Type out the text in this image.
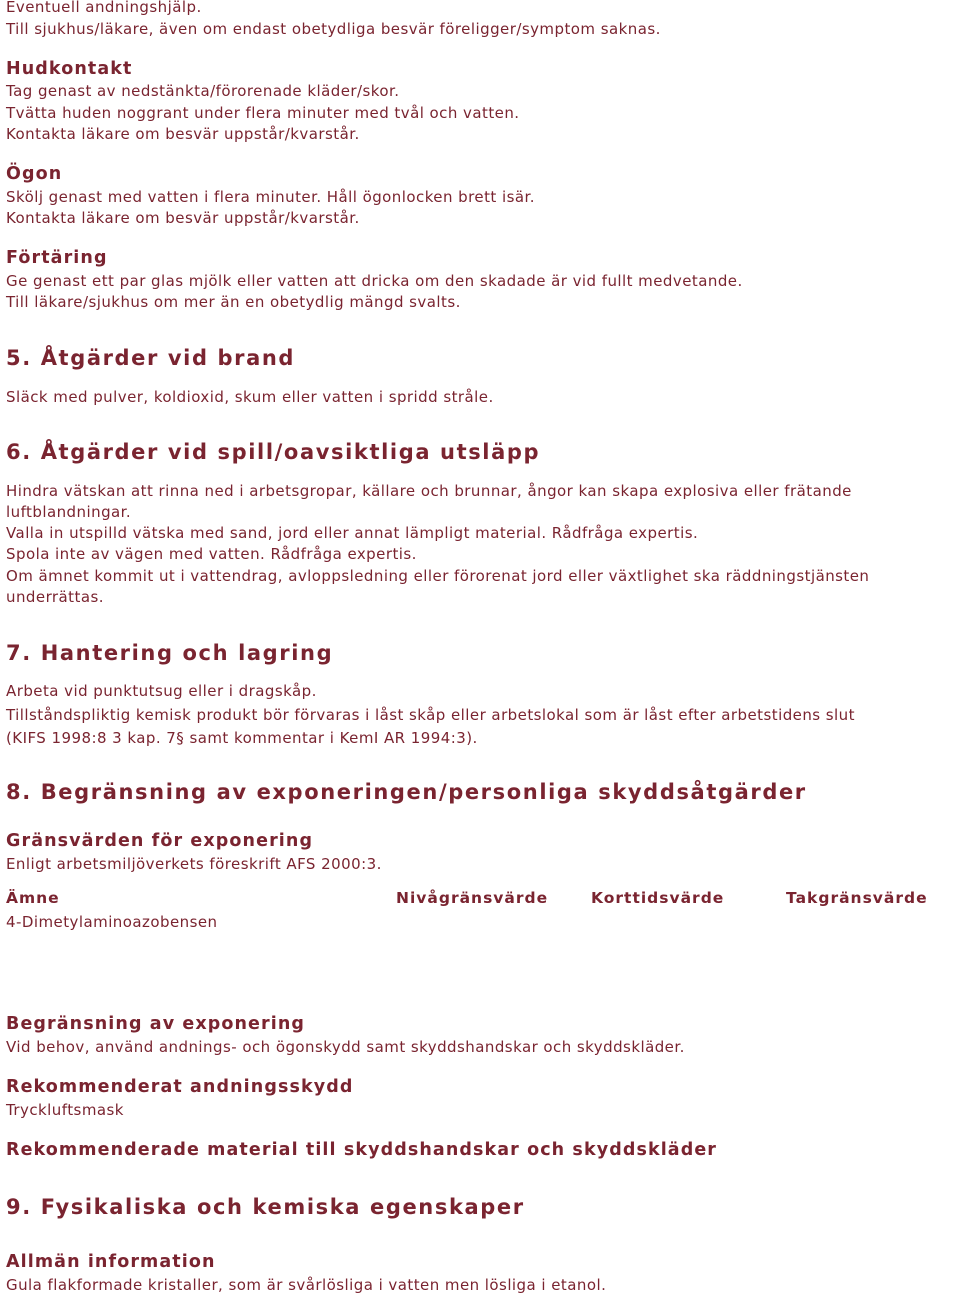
Eventuell andningshjälp.

Till sjukhus/läkare, även om endast obetydliga besvär föreligger/symptom saknas.

Hudkontakt

Tag genast av nedstänkta/förorenade kläder/skor.

Tvätta huden noggrant under flera minuter med tvål och vatten.

Kontakta läkare om besvär uppstår/kvarstår.

Ögon

Skölj genast med vatten i flera minuter. Håll ögonlocken brett isär.

Kontakta läkare om besvär uppstår/kvarstår.

Förtäring

Ge genast ett par glas mjölk eller vatten att dricka om den skadade är vid fullt medvetande.

Till läkare/sjukhus om mer än en obetydlig mängd svalts.

5. Åtgärder vid brand

Släck med pulver, koldioxid, skum eller vatten i spridd stråle.

6. Åtgärder vid spill/oavsiktliga utsläpp

Hindra vätskan att rinna ned i arbetsgropar, källare och brunnar, ångor kan skapa explosiva eller frätande

luftblandningar.

Valla in utspilld vätska med sand, jord eller annat lämpligt material. Rådfråga expertis.

Spola inte av vägen med vatten. Rådfråga expertis.

Om ämnet kommit ut i vattendrag, avloppsledning eller förorenat jord eller växtlighet ska räddningstjänsten

underrättas.

7. Hantering och lagring

Arbeta vid punktutsug eller i dragskåp.

Tillståndspliktig kemisk produkt bör förvaras i låst skåp eller arbetslokal som är låst efter arbetstidens slut

(KIFS 1998:8 3 kap. 7§ samt kommentar i KemI AR 1994:3).

8. Begränsning av exponeringen/personliga skyddsåtgärder
Gränsvärden för exponering

Enligt arbetsmiljöverkets föreskrift AFS 2000:3.

Ämne	Nivågränsvärde	Korttidsvärde	Takgränsvärde

4-Dimetylaminoazobensen

Begränsning av exponering

Vid behov, använd andnings- och ögonskydd samt skyddshandskar och skyddskläder.

Rekommenderat andningsskydd

Tryckluftsmask

Rekommenderade material till skyddshandskar och skyddskläder
9. Fysikaliska och kemiska egenskaper
Allmän information

Gula flakformade kristaller, som är svårlösliga i vatten men lösliga i etanol.
